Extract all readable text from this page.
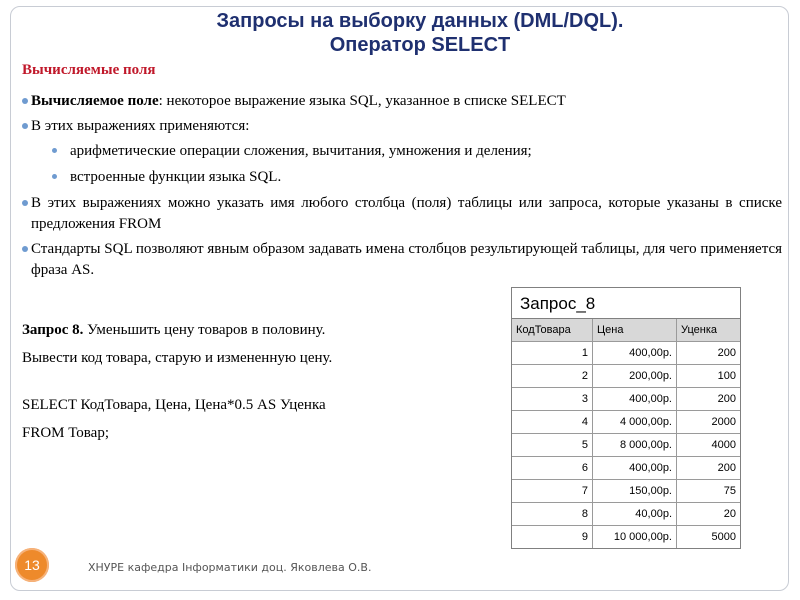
Запросы на выборку данных (DML/DQL).
Оператор SELECT
Вычисляемые поля
Вычисляемое поле: некоторое выражение языка SQL, указанное в списке SELECT
В этих выражениях применяются:
арифметические операции сложения, вычитания, умножения и деления;
встроенные функции языка SQL.
В этих выражениях можно указать имя любого столбца (поля) таблицы или запроса, которые указаны в списке предложения FROM
Стандарты SQL позволяют явным образом задавать имена столбцов результирующей таблицы, для чего применяется фраза AS.

Запрос 8. Уменьшить цену товаров в половину.

Вывести код товара, старую и измененную цену.

SELECT КодТовара, Цена, Цена*0.5 AS Уценка

FROM Товар;

Запрос_8
КодТовара	Цена	Уценка
1	400,00р.	200
2	200,00р.	100
3	400,00р.	200
4	4 000,00р.	2000
5	8 000,00р.	4000
6	400,00р.	200
7	150,00р.	75
8	40,00р.	20
9	10 000,00р.	5000
13	ХНУРЕ кафедра Інформатики доц. Яковлева О.В.
